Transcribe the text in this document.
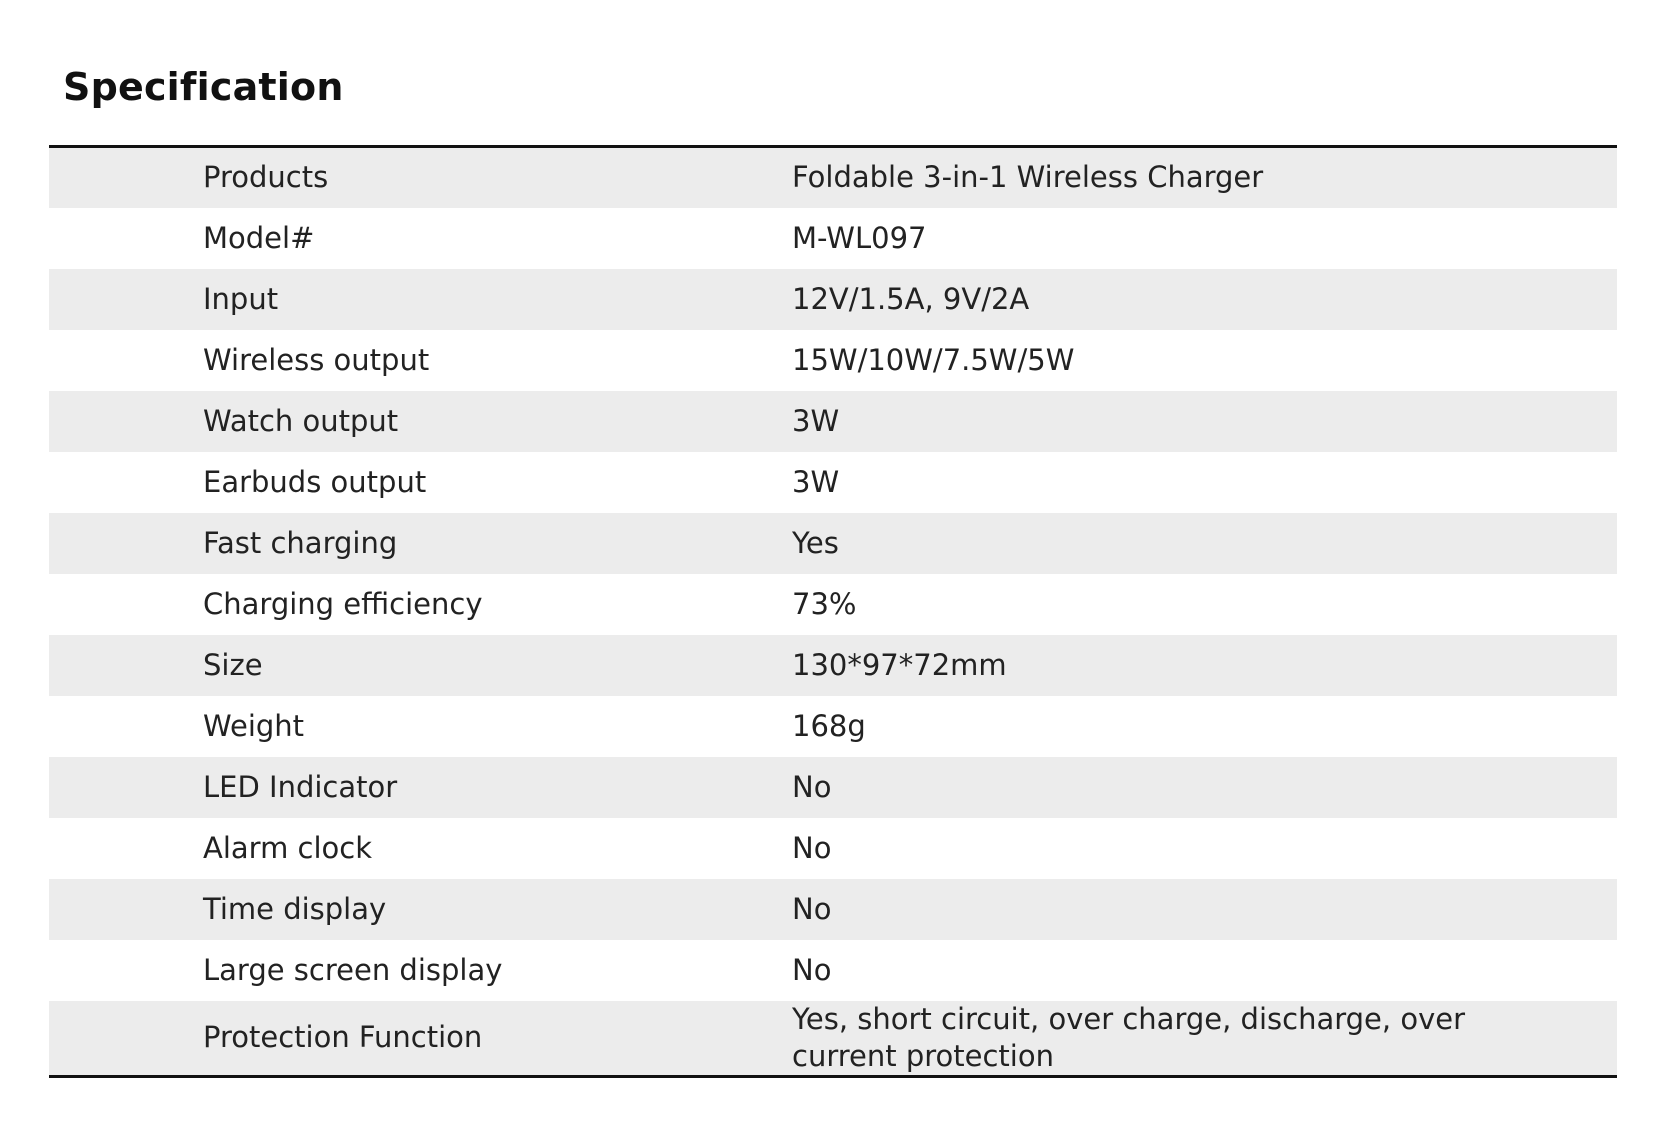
Specification
Products	Foldable 3-in-1 Wireless Charger
Model#	M-WL097
Input	12V/1.5A, 9V/2A
Wireless output	15W/10W/7.5W/5W
Watch output	3W
Earbuds output	3W
Fast charging	Yes
Charging efficiency	73%
Size	130*97*72mm
Weight	168g
LED Indicator	No
Alarm clock	No
Time display	No
Large screen display	No
Protection Function	Yes, short circuit, over charge, discharge, over current protection
